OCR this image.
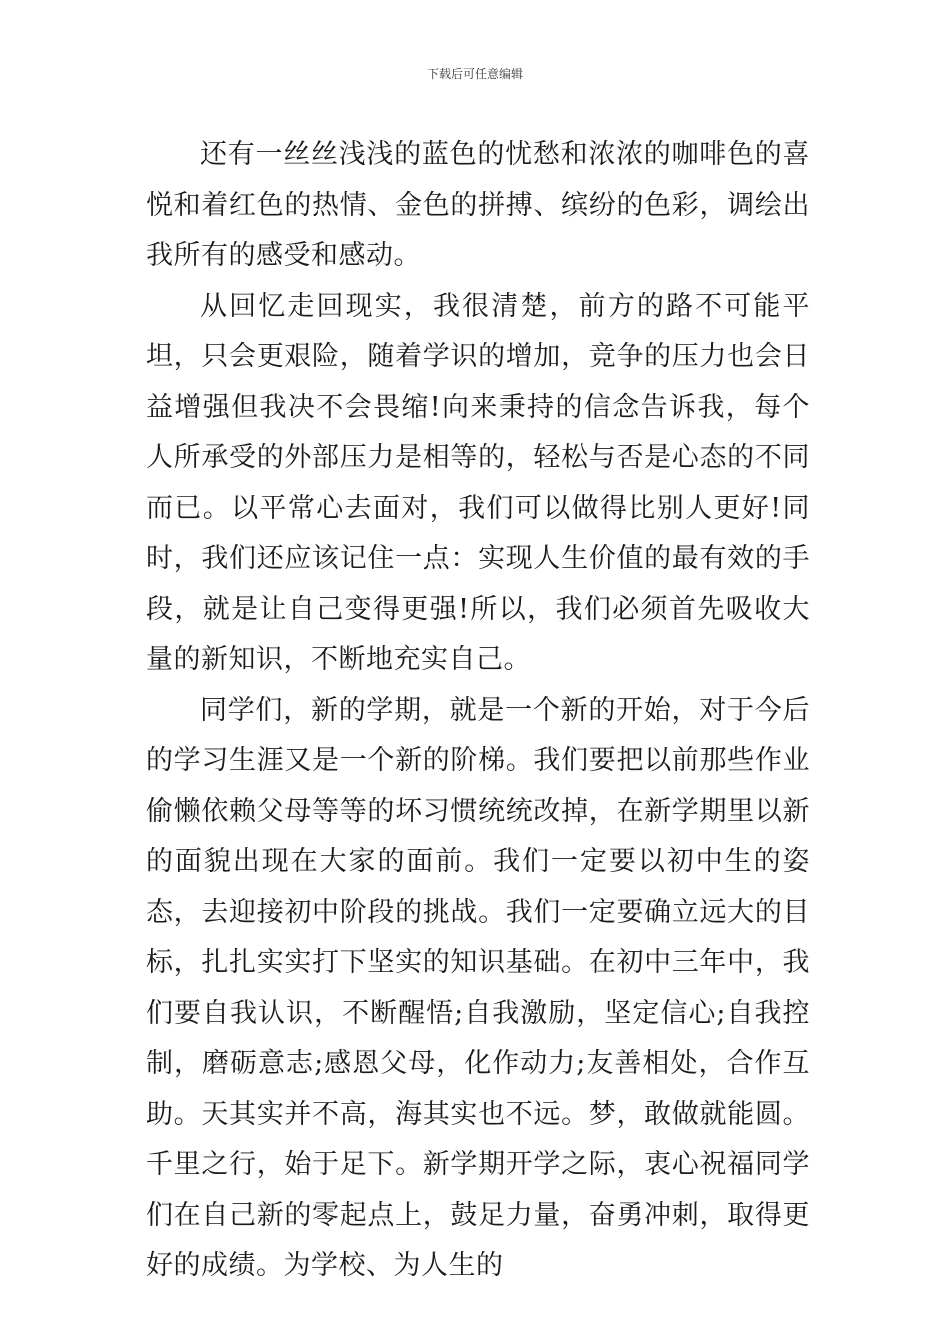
下载后可任意编辑

还有一丝丝浅浅的蓝色的忧愁和浓浓的咖啡色的喜悦和着红色的热情、金色的拼搏、缤纷的色彩，调绘出我所有的感受和感动。

从回忆走回现实，我很清楚，前方的路不可能平坦，只会更艰险，随着学识的增加，竞争的压力也会日益增强但我决不会畏缩!向来秉持的信念告诉我，每个人所承受的外部压力是相等的，轻松与否是心态的不同而已。以平常心去面对，我们可以做得比别人更好!同时，我们还应该记住一点：实现人生价值的最有效的手段，就是让自己变得更强!所以，我们必须首先吸收大量的新知识，不断地充实自己。

同学们，新的学期，就是一个新的开始，对于今后的学习生涯又是一个新的阶梯。我们要把以前那些作业偷懒依赖父母等等的坏习惯统统改掉，在新学期里以新的面貌出现在大家的面前。我们一定要以初中生的姿态，去迎接初中阶段的挑战。我们一定要确立远大的目标，扎扎实实打下坚实的知识基础。在初中三年中，我们要自我认识，不断醒悟;自我激励，坚定信心;自我控制，磨砺意志;感恩父母，化作动力;友善相处，合作互助。天其实并不高，海其实也不远。梦，敢做就能圆。千里之行，始于足下。新学期开学之际，衷心祝福同学们在自己新的零起点上，鼓足力量，奋勇冲刺，取得更好的成绩。为学校、为人生的
